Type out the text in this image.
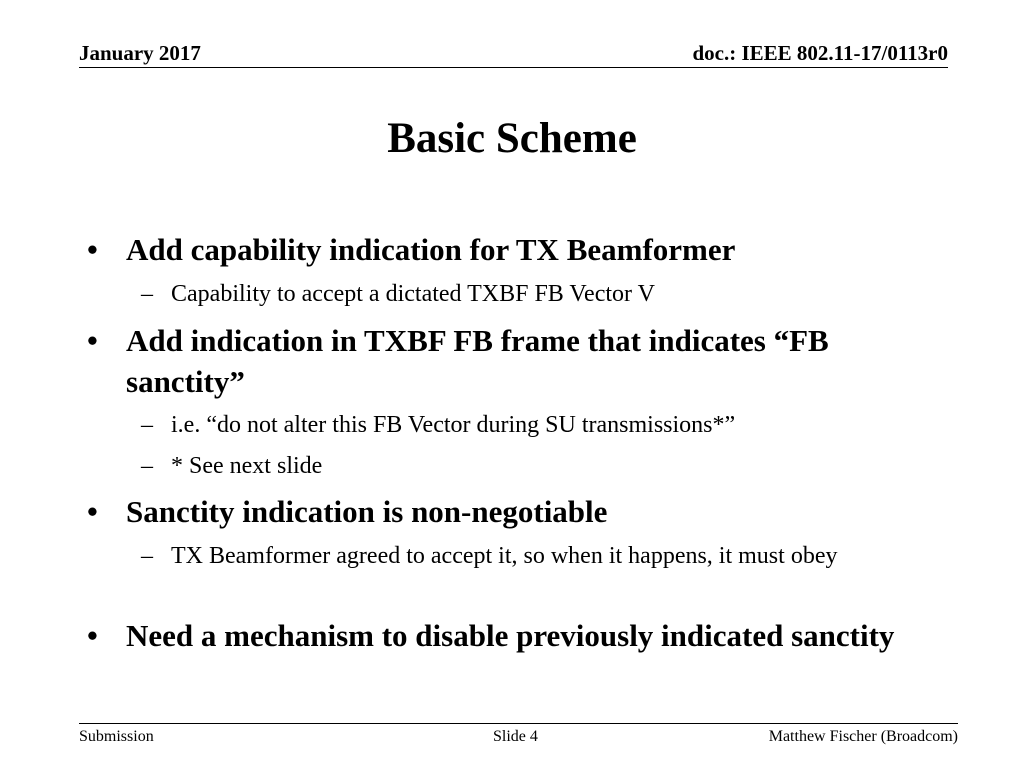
January 2017	doc.: IEEE 802.11-17/0113r0
Basic Scheme
• Add capability indication for TX Beamformer
– Capability to accept a dictated TXBF FB Vector V
• Add indication in TXBF FB frame that indicates “FB sanctity”
– i.e. “do not alter this FB Vector during SU transmissions*”
– * See next slide
• Sanctity indication is non-negotiable
– TX Beamformer agreed to accept it, so when it happens, it must obey
• Need a mechanism to disable previously indicated sanctity
Submission	Slide 4	Matthew Fischer (Broadcom)
